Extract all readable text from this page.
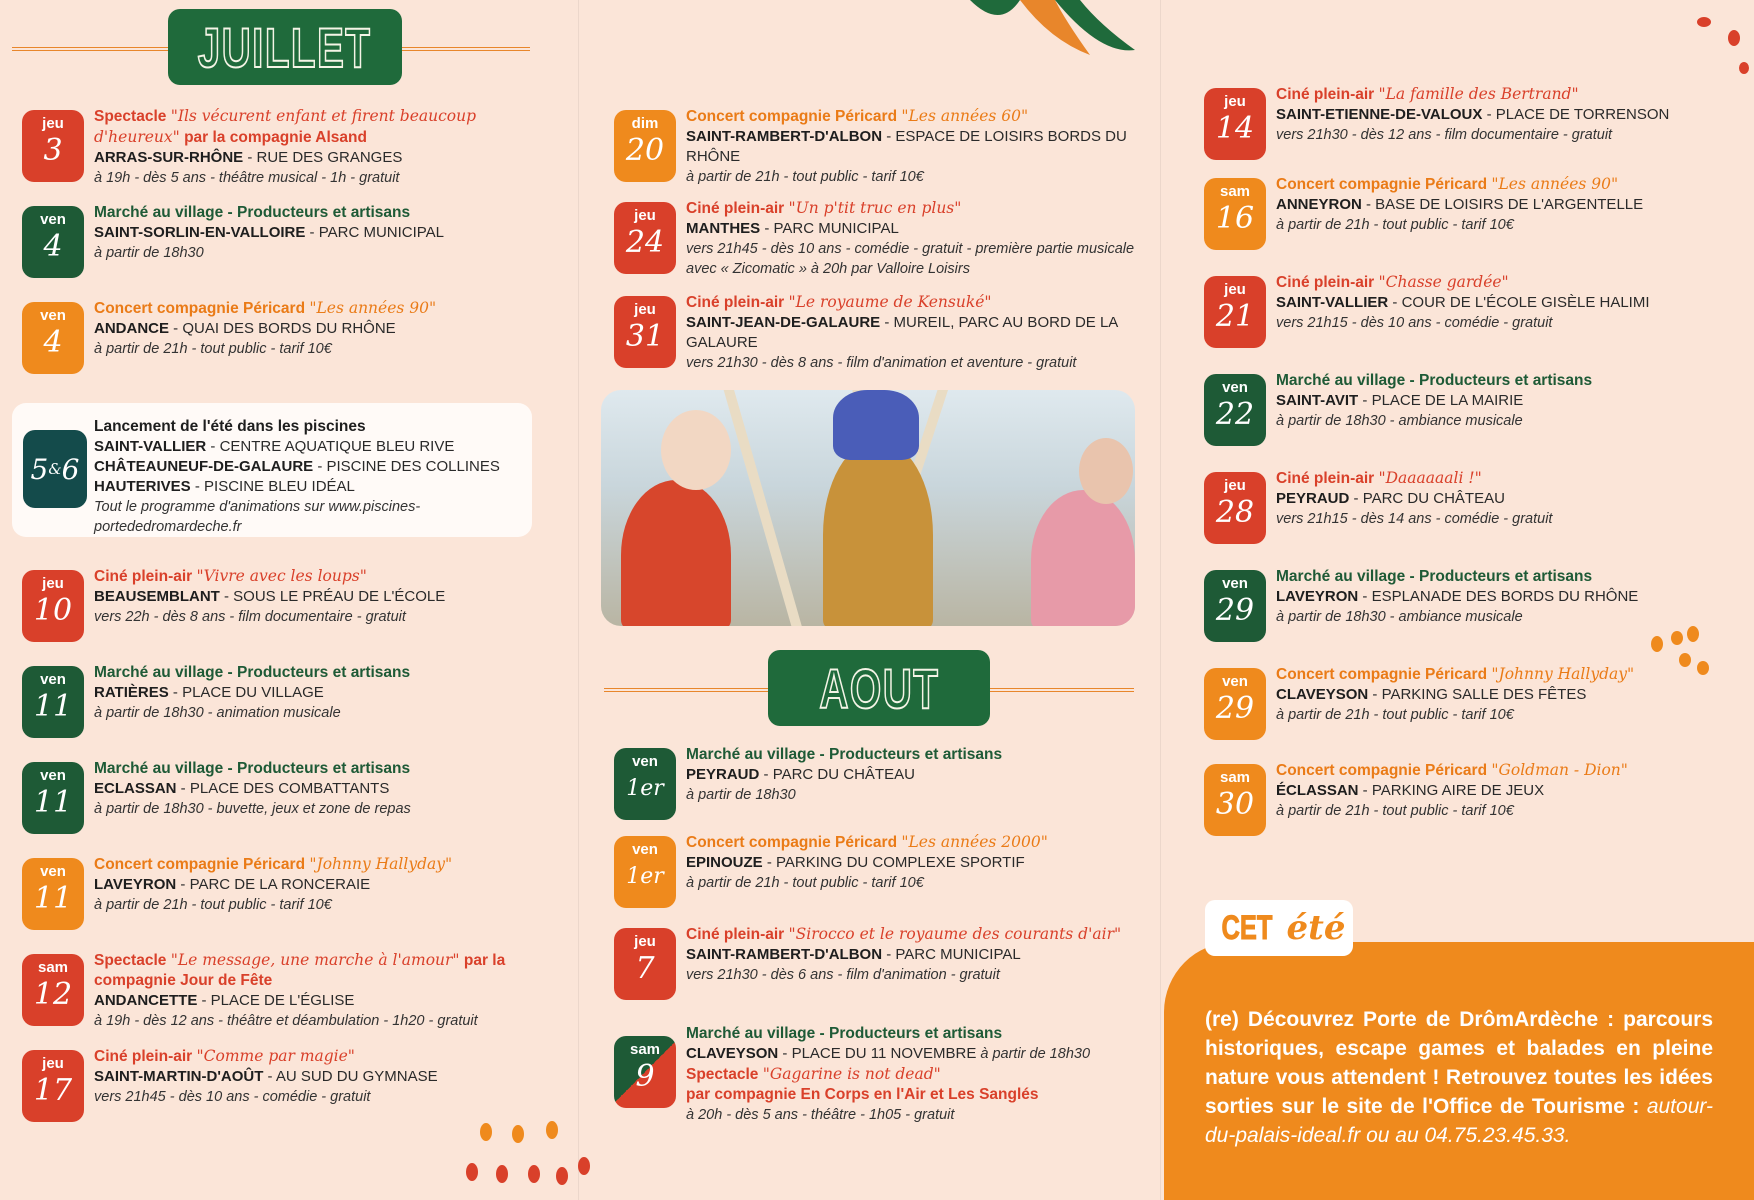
JUILLET
jeu
3
Spectacle "Ils vécurent enfant et firent beaucoup d'heureux" par la compagnie Alsand
ARRAS-SUR-RHÔNE - RUE DES GRANGES
à 19h - dès 5 ans - théâtre musical - 1h - gratuit
ven
4
Marché au village - Producteurs et artisans
SAINT-SORLIN-EN-VALLOIRE - PARC MUNICIPAL
à partir de 18h30
ven
4
Concert compagnie Péricard "Les années 90"
ANDANCE - QUAI DES BORDS DU RHÔNE
à partir de 21h - tout public - tarif 10€
jeu
10
Ciné plein-air "Vivre avec les loups"
BEAUSEMBLANT - SOUS LE PRÉAU DE L'ÉCOLE
vers 22h - dès 8 ans - film documentaire - gratuit
ven
11
Marché au village - Producteurs et artisans
RATIÈRES - PLACE DU VILLAGE
à partir de 18h30 - animation musicale
ven
11
Marché au village - Producteurs et artisans
ECLASSAN - PLACE DES COMBATTANTS
à partir de 18h30 - buvette, jeux et zone de repas
ven
11
Concert compagnie Péricard "Johnny Hallyday"
LAVEYRON - PARC DE LA RONCERAIE
à partir de 21h - tout public - tarif 10€
sam
12
Spectacle "Le message, une marche à l'amour" par la compagnie Jour de Fête
ANDANCETTE - PLACE DE L'ÉGLISE
à 19h - dès 12 ans - théâtre et déambulation - 1h20 - gratuit
jeu
17
Ciné plein-air "Comme par magie"
SAINT-MARTIN-D'AOÛT - AU SUD DU GYMNASE
vers 21h45 - dès 10 ans - comédie - gratuit
5 & 6
Lancement de l'été dans les piscines
SAINT-VALLIER - CENTRE AQUATIQUE BLEU RIVE
CHÂTEAUNEUF-DE-GALAURE - PISCINE DES COLLINES
HAUTERIVES - PISCINE BLEU IDÉAL
Tout le programme d'animations sur www.piscines-portededromardeche.fr
dim
20
Concert compagnie Péricard "Les années 60"
SAINT-RAMBERT-D'ALBON - ESPACE DE LOISIRS BORDS DU RHÔNE
à partir de 21h - tout public - tarif 10€
jeu
24
Ciné plein-air "Un p'tit truc en plus"
MANTHES - PARC MUNICIPAL
vers 21h45 - dès 10 ans - comédie - gratuit - première partie musicale avec « Zicomatic » à 20h par Valloire Loisirs
jeu
31
Ciné plein-air "Le royaume de Kensuké"
SAINT-JEAN-DE-GALAURE - MUREIL, PARC AU BORD DE LA GALAURE
vers 21h30 - dès 8 ans - film d'animation et aventure - gratuit
AOUT
ven
1er
Marché au village - Producteurs et artisans
PEYRAUD - PARC DU CHÂTEAU
à partir de 18h30
ven
1er
Concert compagnie Péricard "Les années 2000"
EPINOUZE - PARKING DU COMPLEXE SPORTIF
à partir de 21h - tout public - tarif 10€
jeu
7
Ciné plein-air "Sirocco et le royaume des courants d'air"
SAINT-RAMBERT-D'ALBON - PARC MUNICIPAL
vers 21h30 - dès 6 ans - film d'animation - gratuit
sam
9
Marché au village - Producteurs et artisans
CLAVEYSON - PLACE DU 11 NOVEMBRE à partir de 18h30
Spectacle "Gagarine is not dead"
par compagnie En Corps en l'Air et Les Sanglés
à 20h - dès 5 ans - théâtre - 1h05 - gratuit
jeu
14
Ciné plein-air "La famille des Bertrand"
SAINT-ETIENNE-DE-VALOUX - PLACE DE TORRENSON
vers 21h30 - dès 12 ans - film documentaire - gratuit
sam
16
Concert compagnie Péricard "Les années 90"
ANNEYRON - BASE DE LOISIRS DE L'ARGENTELLE
à partir de 21h - tout public - tarif 10€
jeu
21
Ciné plein-air "Chasse gardée"
SAINT-VALLIER - COUR DE L'ÉCOLE GISÈLE HALIMI
vers 21h15 - dès 10 ans - comédie - gratuit
ven
22
Marché au village - Producteurs et artisans
SAINT-AVIT - PLACE DE LA MAIRIE
à partir de 18h30 - ambiance musicale
jeu
28
Ciné plein-air "Daaaaaali !"
PEYRAUD - PARC DU CHÂTEAU
vers 21h15 - dès 14 ans - comédie - gratuit
ven
29
Marché au village - Producteurs et artisans
LAVEYRON - ESPLANADE DES BORDS DU RHÔNE
à partir de 18h30 - ambiance musicale
ven
29
Concert compagnie Péricard "Johnny Hallyday"
CLAVEYSON - PARKING SALLE DES FÊTES
à partir de 21h - tout public - tarif 10€
sam
30
Concert compagnie Péricard "Goldman - Dion"
ÉCLASSAN - PARKING AIRE DE JEUX
à partir de 21h - tout public - tarif 10€
CET été
(re) Découvrez Porte de DrômArdèche : parcours historiques, escape games et balades en pleine nature vous attendent ! Retrouvez toutes les idées sorties sur le site de l'Office de Tourisme : autour-du-palais-ideal.fr ou au 04.75.23.45.33.
